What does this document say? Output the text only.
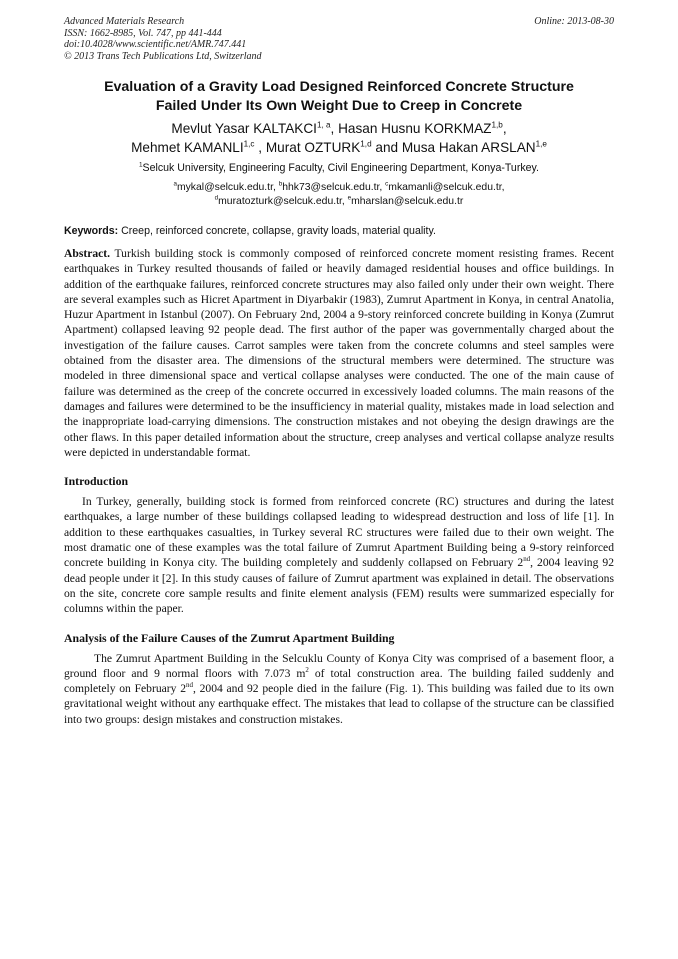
Advanced Materials Research
ISSN: 1662-8985, Vol. 747, pp 441-444
doi:10.4028/www.scientific.net/AMR.747.441
© 2013 Trans Tech Publications Ltd, Switzerland
Online: 2013-08-30
Evaluation of a Gravity Load Designed Reinforced Concrete Structure
Failed Under Its Own Weight Due to Creep in Concrete
Mevlut Yasar KALTAKCI$^{1, a}$, Hasan Husnu KORKMAZ$^{1,b}$,
Mehmet KAMANLI$^{1,c}$ , Murat OZTURK$^{1,d}$ and Musa Hakan ARSLAN$^{1,e}$
$^1$Selcuk University, Engineering Faculty, Civil Engineering Department, Konya-Turkey.
$^a$mykal@selcuk.edu.tr, $^b$hhk73@selcuk.edu.tr, $^c$mkamanli@selcuk.edu.tr,
$^d$muratozturk@selcuk.edu.tr, $^e$mharslan@selcuk.edu.tr
Keywords: Creep, reinforced concrete, collapse, gravity loads, material quality.
Abstract. Turkish building stock is commonly composed of reinforced concrete moment resisting frames. Recent earthquakes in Turkey resulted thousands of failed or heavily damaged residential houses and office buildings. In addition of the earthquake failures, reinforced concrete structures may also failed only under their own weight. There are several examples such as Hicret Apartment in Diyarbakir (1983), Zumrut Apartment in Konya, in central Anatolia, Huzur Apartment in Istanbul (2007). On February 2nd, 2004 a 9-story reinforced concrete building in Konya (Zumrut Apartment) collapsed leaving 92 people dead. The first author of the paper was governmentally charged about the investigation of the failure causes. Carrot samples were taken from the concrete columns and steel samples were obtained from the disaster area. The dimensions of the structural members were determined. The structure was modeled in three dimensional space and vertical collapse analyses were conducted. The one of the main cause of failure was determined as the creep of the concrete occurred in excessively loaded columns. The main reasons of the damages and failures were determined to be the insufficiency in material quality, mistakes made in load selection and the inappropriate load-carrying dimensions. The construction mistakes and not obeying the design drawings are the other flaws. In this paper detailed information about the structure, creep analyses and vertical collapse analyze results were depicted in understandable format.
Introduction
In Turkey, generally, building stock is formed from reinforced concrete (RC) structures and during the latest earthquakes, a large number of these buildings collapsed leading to widespread destruction and loss of life [1]. In addition to these earthquakes casualties, in Turkey several RC structures were failed due to their own weight. The most dramatic one of these examples was the total failure of Zumrut Apartment Building being a 9-story reinforced concrete building in Konya city. The building completely and suddenly collapsed on February 2nd, 2004 leaving 92 dead people under it [2]. In this study causes of failure of Zumrut apartment was explained in detail. The observations on the site, concrete core sample results and finite element analysis (FEM) results were summarized especially for columns within the paper.
Analysis of the Failure Causes of the Zumrut Apartment Building
The Zumrut Apartment Building in the Selcuklu County of Konya City was comprised of a basement floor, a ground floor and 9 normal floors with 7.073 $m^2$ of total construction area. The building failed suddenly and completely on February 2nd, 2004 and 92 people died in the failure (Fig. 1). This building was failed due to its own gravitational weight without any earthquake effect. The mistakes that lead to collapse of the structure can be classified into two groups: design mistakes and construction mistakes.
